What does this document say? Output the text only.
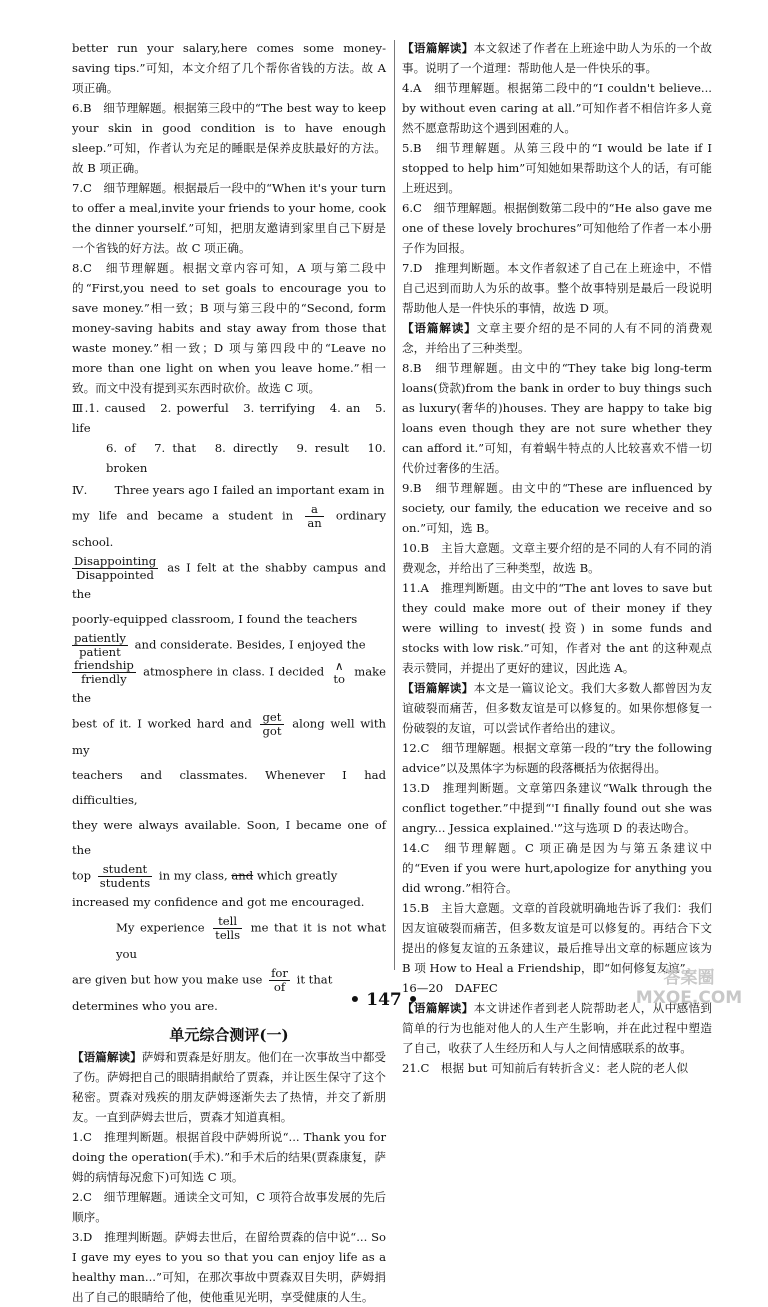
better run your salary,here comes some money-saving tips.”可知，本文介绍了几个帮你省钱的方法。故 A 项正确。

6.B　细节理解题。根据第三段中的“The best way to keep your skin in good condition is to have enough sleep.”可知，作者认为充足的睡眠是保养皮肤最好的方法。故 B 项正确。

7.C　细节理解题。根据最后一段中的“When it's your turn to offer a meal,invite your friends to your home, cook the dinner yourself.”可知，把朋友邀请到家里自己下厨是一个省钱的好方法。故 C 项正确。

8.C　细节理解题。根据文章内容可知，A 项与第二段中的“First,you need to set goals to encourage you to save money.”相一致；B 项与第三段中的“Second, form money-saving habits and stay away from those that waste money.”相一致；D 项与第四段中的“Leave no more than one light on when you leave home.”相一致。而文中没有提到买东西时砍价。故选 C 项。

Ⅲ.1. caused　2. powerful　3. terrifying　4. an　5. life

6. of　7. that　8. directly　9. result　10. broken

Ⅳ. Three years ago I failed an important exam in

my life and became a student in $\frac{a}{an}$ ordinary school.

Disappointing
Disappointed
as I felt at the shabby campus and the

poorly-equipped classroom, I found the teachers

patiently
patient
and considerate. Besides, I enjoyed the

friendship
friendly
atmosphere in class. I decided ∧
to make the

best of it. I worked hard and get
got
along well with my

teachers and classmates. Whenever I had difficulties,

they were always available. Soon, I became one of the

top	student
students
in my class, and which greatly

increased my confidence and got me encouraged.

My experience	tell
tells
me that it is not what you

are given but how you make use for
of
it that

determines who you are.

单元综合测评(一)

【语篇解读】萨姆和贾森是好朋友。他们在一次事故当中都受了伤。萨姆把自己的眼睛捐献给了贾森，并让医生保守了这个秘密。贾森对残疾的朋友萨姆逐渐失去了热情，并交了新朋友。一直到萨姆去世后，贾森才知道真相。

1.C　推理判断题。根据首段中萨姆所说“... Thank you for doing the operation(手术).”和手术后的结果(贾森康复，萨姆的病情每况愈下)可知选 C 项。

2.C　细节理解题。通读全文可知，C 项符合故事发展的先后顺序。

3.D　推理判断题。萨姆去世后，在留给贾森的信中说“... So I gave my eyes to you so that you can enjoy life as a healthy man...”可知，在那次事故中贾森双目失明，萨姆捐出了自己的眼睛给了他，使他重见光明，享受健康的人生。

【语篇解读】本文叙述了作者在上班途中助人为乐的一个故事。说明了一个道理：帮助他人是一件快乐的事。

4.A　细节理解题。根据第二段中的“I couldn't believe... by without even caring at all.”可知作者不相信许多人竟然不愿意帮助这个遇到困难的人。

5.B　细节理解题。从第三段中的“I would be late if I stopped to help him”可知她如果帮助这个人的话，有可能上班迟到。

6.C　细节理解题。根据倒数第二段中的“He also gave me one of these lovely brochures”可知他给了作者一本小册子作为回报。

7.D　推理判断题。本文作者叙述了自己在上班途中，不惜自己迟到而助人为乐的故事。整个故事特别是最后一段说明帮助他人是一件快乐的事情，故选 D 项。

【语篇解读】文章主要介绍的是不同的人有不同的消费观念，并给出了三种类型。

8.B　细节理解题。由文中的“They take big long-term loans(贷款)from the bank in order to buy things such as luxury(奢华的)houses. They are happy to take big loans even though they are not sure whether they can afford it.”可知，有着蜗牛特点的人比较喜欢不惜一切代价过奢侈的生活。

9.B　细节理解题。由文中的“These are influenced by society, our family, the education we receive and so on.”可知，选 B。

10.B　主旨大意题。文章主要介绍的是不同的人有不同的消费观念，并给出了三种类型，故选 B。

11.A　推理判断题。由文中的“The ant loves to save but they could make more out of their money if they were willing to invest(投资) in some funds and stocks with low risk.”可知，作者对 the ant 的这种观点表示赞同，并提出了更好的建议，因此选 A。

【语篇解读】本文是一篇议论文。我们大多数人都曾因为友谊破裂而痛苦，但多数友谊是可以修复的。如果你想修复一份破裂的友谊，可以尝试作者给出的建议。

12.C　细节理解题。根据文章第一段的“try the following advice”以及黑体字为标题的段落概括为依据得出。

13.D　推理判断题。文章第四条建议“Walk through the conflict together.”中提到“'I finally found out she was angry... Jessica explained.'”这与选项 D 的表达吻合。

14.C　细节理解题。C 项正确是因为与第五条建议中的“Even if you were hurt,apologize for anything you did wrong.”相符合。

15.B　主旨大意题。文章的首段就明确地告诉了我们：我们因友谊破裂而痛苦，但多数友谊是可以修复的。再结合下文提出的修复友谊的五条建议，最后推导出文章的标题应该为 B 项 How to Heal a Friendship，即“如何修复友谊”。

16—20　DAFEC

【语篇解读】本文讲述作者到老人院帮助老人，从中感悟到简单的行为也能对他人的人生产生影响，并在此过程中塑造了自己，收获了人生经历和人与人之间情感联系的故事。

21.C　根据 but 可知前后有转折含义：老人院的老人似

• 147 •
答案圈 MXQE.COM
